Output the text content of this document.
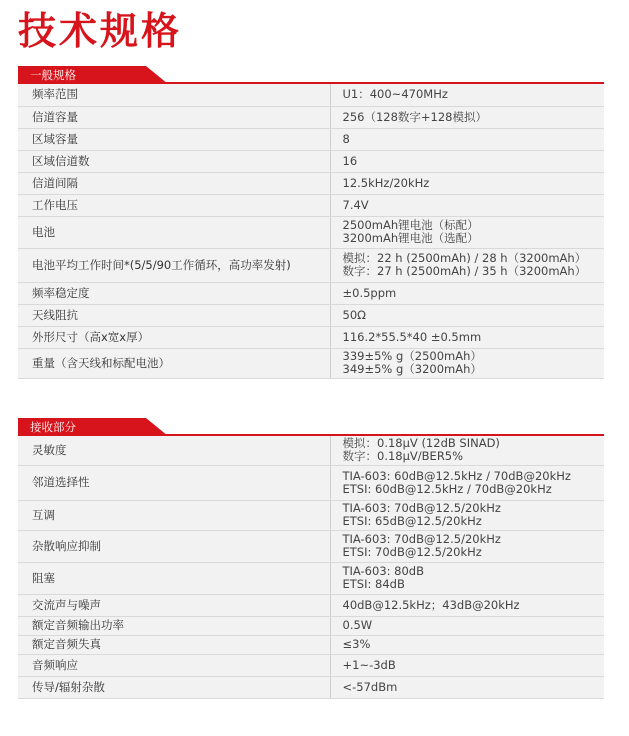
技术规格
一般规格
频率范围	U1：400~470MHz

信道容量	256（128数字+128模拟）

区域容量	8

区域信道数	16

信道间隔	12.5kHz/20kHz

工作电压	7.4V

电池	2500mAh锂电池（标配）
3200mAh锂电池（选配）

电池平均工作时间*(5/5/90工作循环，高功率发射)	模拟：22 h (2500mAh) / 28 h（3200mAh）
数字：27 h (2500mAh) / 35 h（3200mAh）

频率稳定度	±0.5ppm

天线阻抗	50Ω

外形尺寸（高x宽x厚）	116.2*55.5*40 ±0.5mm

重量（含天线和标配电池）	339±5% g（2500mAh）
349±5% g（3200mAh）
接收部分
灵敏度	模拟：0.18μV (12dB SINAD)
数字：0.18μV/BER5%

邻道选择性	TIA-603: 60dB@12.5kHz / 70dB@20kHz
ETSI: 60dB@12.5kHz / 70dB@20kHz

互调	TIA-603: 70dB@12.5/20kHz
ETSI: 65dB@12.5/20kHz

杂散响应抑制	TIA-603: 70dB@12.5/20kHz
ETSI: 70dB@12.5/20kHz

阻塞	TIA-603: 80dB
ETSI: 84dB

交流声与噪声	40dB@12.5kHz；43dB@20kHz

额定音频输出功率	0.5W

额定音频失真	≤3%

音频响应	+1~-3dB

传导/辐射杂散	<-57dBm
